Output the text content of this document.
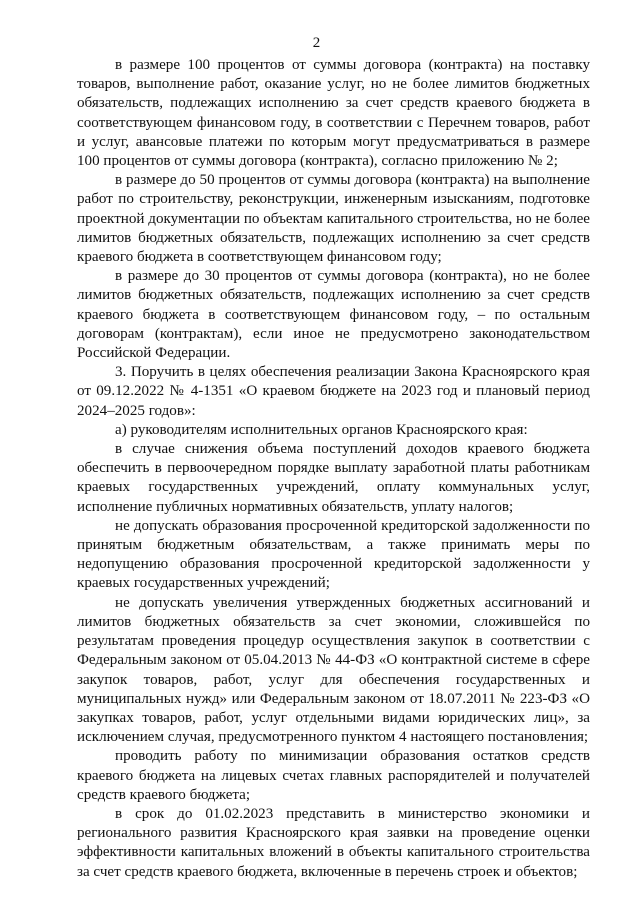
2

в размере 100 процентов от суммы договора (контракта) на поставку товаров, выполнение работ, оказание услуг, но не более лимитов бюджетных обязательств, подлежащих исполнению за счет средств краевого бюджета в соответствующем финансовом году, в соответствии с Перечнем товаров, работ и услуг, авансовые платежи по которым могут предусматриваться в размере 100 процентов от суммы договора (контракта), согласно приложению № 2;

в размере до 50 процентов от суммы договора (контракта) на выполнение работ по строительству, реконструкции, инженерным изысканиям, подготовке проектной документации по объектам капитального строительства, но не более лимитов бюджетных обязательств, подлежащих исполнению за счет средств краевого бюджета в соответствующем финансовом году;

в размере до 30 процентов от суммы договора (контракта), но не более лимитов бюджетных обязательств, подлежащих исполнению за счет средств краевого бюджета в соответствующем финансовом году, – по остальным договорам (контрактам), если иное не предусмотрено законодательством Российской Федерации.

3. Поручить в целях обеспечения реализации Закона Красноярского края от 09.12.2022 № 4-1351 «О краевом бюджете на 2023 год и плановый период 2024–2025 годов»:

а) руководителям исполнительных органов Красноярского края:

в случае снижения объема поступлений доходов краевого бюджета обеспечить в первоочередном порядке выплату заработной платы работникам краевых государственных учреждений, оплату коммунальных услуг, исполнение публичных нормативных обязательств, уплату налогов;

не допускать образования просроченной кредиторской задолженности по принятым бюджетным обязательствам, а также принимать меры по недопущению образования просроченной кредиторской задолженности у краевых государственных учреждений;

не допускать увеличения утвержденных бюджетных ассигнований и лимитов бюджетных обязательств за счет экономии, сложившейся по результатам проведения процедур осуществления закупок в соответствии с Федеральным законом от 05.04.2013 № 44-ФЗ «О контрактной системе в сфере закупок товаров, работ, услуг для обеспечения государственных и муниципальных нужд» или Федеральным законом от 18.07.2011 № 223-ФЗ «О закупках товаров, работ, услуг отдельными видами юридических лиц», за исключением случая, предусмотренного пунктом 4 настоящего постановления;

проводить работу по минимизации образования остатков средств краевого бюджета на лицевых счетах главных распорядителей и получателей средств краевого бюджета;

в срок до 01.02.2023 представить в министерство экономики и регионального развития Красноярского края заявки на проведение оценки эффективности капитальных вложений в объекты капитального строительства за счет средств краевого бюджета, включенные в перечень строек и объектов;
